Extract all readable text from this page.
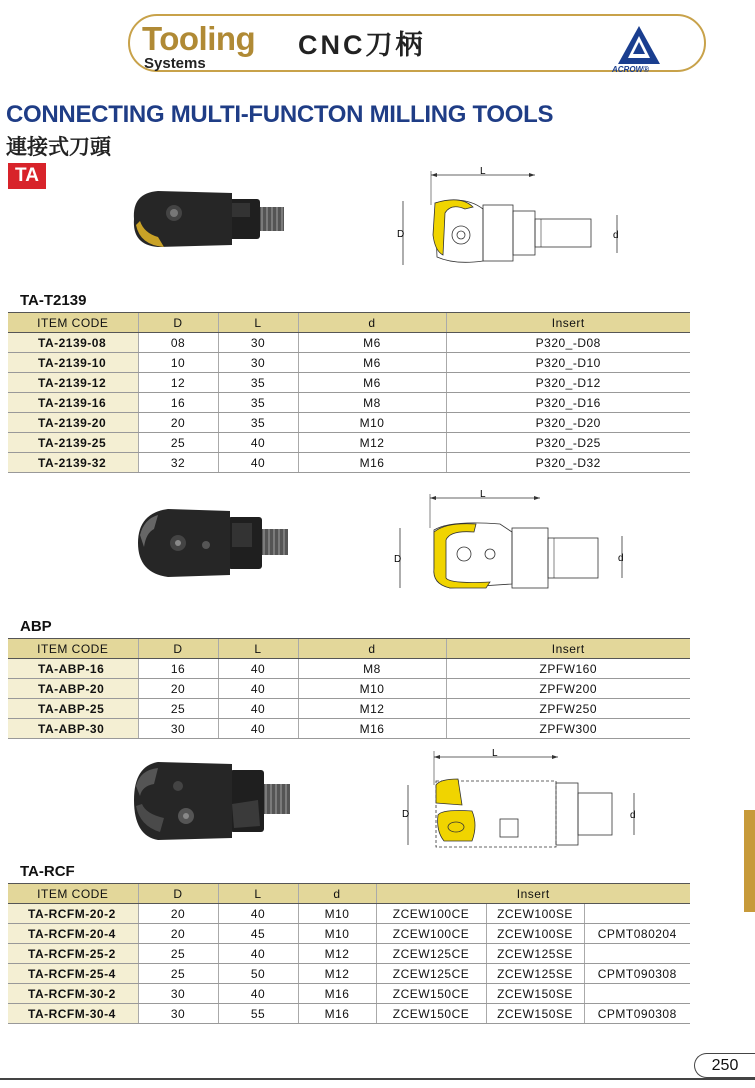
Tooling
Systems
CNC刀柄
ACROW®
CONNECTING MULTI-FUNCTON MILLING TOOLS
連接式刀頭
TA	L
D	d
TA-T2139
ITEM CODE	D	L	d	Insert
TA-2139-08	08	30	M6	P320_-D08
TA-2139-10	10	30	M6	P320_-D10
TA-2139-12	12	35	M6	P320_-D12
TA-2139-16	16	35	M8	P320_-D16
TA-2139-20	20	35	M10	P320_-D20
TA-2139-25	25	40	M12	P320_-D25
TA-2139-32	32	40	M16	P320_-D32
L
D	d
ABP
ITEM CODE	D	L	d	Insert
TA-ABP-16	16	40	M8	ZPFW160
TA-ABP-20	20	40	M10	ZPFW200
TA-ABP-25	25	40	M12	ZPFW250
TA-ABP-30	30	40	M16	ZPFW300
L
D	d
TA-RCF
ITEM CODE	D	L	d	Insert		
TA-RCFM-20-2	20	40	M10	ZCEW100CE	ZCEW100SE	
TA-RCFM-20-4	20	45	M10	ZCEW100CE	ZCEW100SE	CPMT080204
TA-RCFM-25-2	25	40	M12	ZCEW125CE	ZCEW125SE	
TA-RCFM-25-4	25	50	M12	ZCEW125CE	ZCEW125SE	CPMT090308
TA-RCFM-30-2	30	40	M16	ZCEW150CE	ZCEW150SE	
TA-RCFM-30-4	30	55	M16	ZCEW150CE	ZCEW150SE	CPMT090308
250
